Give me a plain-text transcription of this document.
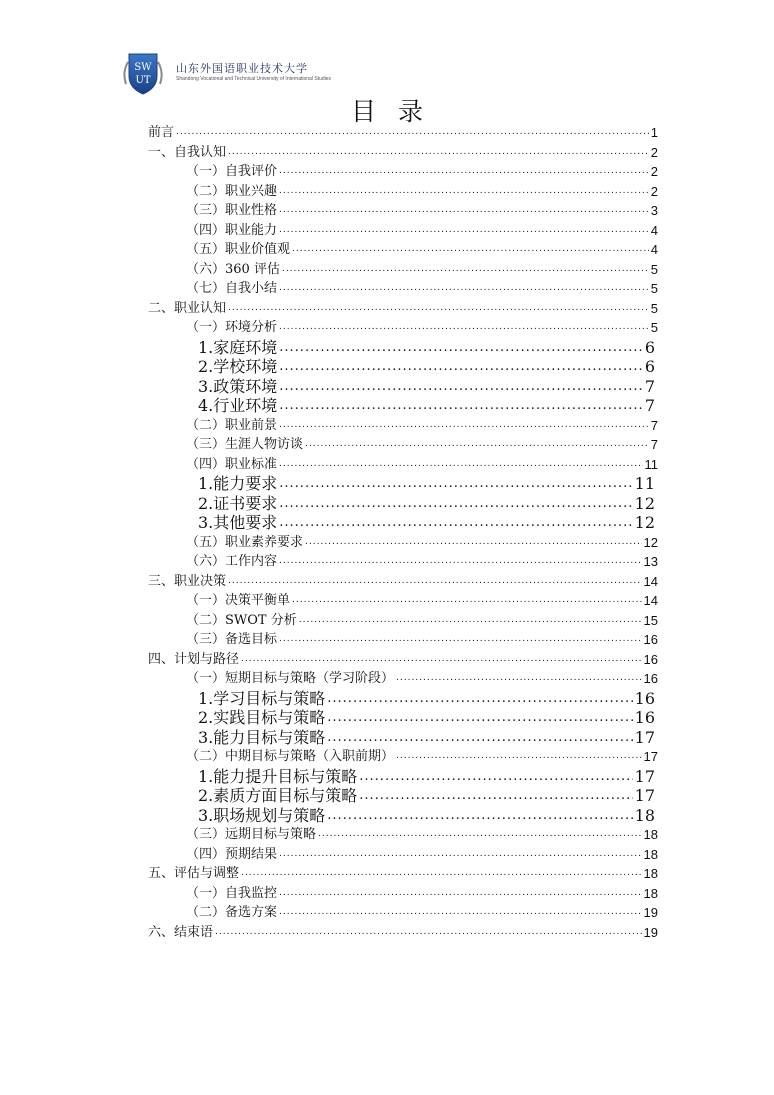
SW
UT
山东外国语职业技术大学
Shandong Vocational and Technical University of International Studies
目录
前言 .....	1
一、自我认知 .....	2
（一）自我评价 .....	2
（二）职业兴趣 .....	2
（三）职业性格 .....	3
（四）职业能力 .....	4
（五）职业价值观 .....	4
（六）360 评估 .....	5
（七）自我小结 .....	5
二、职业认知 .....	5
（一）环境分析 .....	5
1.家庭环境 .....	6
2.学校环境 .....	6
3.政策环境 .....	7
4.行业环境 .....	7
（二）职业前景 .....	7
（三）生涯人物访谈 .....	7
（四）职业标准 .....	11
1.能力要求 .....	11
2.证书要求 .....	12
3.其他要求 .....	12
（五）职业素养要求 .....	12
（六）工作内容 .....	13
三、职业决策 .....	14
（一）决策平衡单 .....	14
（二）SWOT 分析 .....	15
（三）备选目标 .....	16
四、计划与路径 .....	16
（一）短期目标与策略（学习阶段） .....	16
1.学习目标与策略 .....	16
2.实践目标与策略 .....	16
3.能力目标与策略 .....	17
（二）中期目标与策略（入职前期） .....	17
1.能力提升目标与策略 .....	17
2.素质方面目标与策略 .....	17
3.职场规划与策略 .....	18
（三）远期目标与策略 .....	18
（四）预期结果 .....	18
五、评估与调整 .....	18
（一）自我监控 .....	18
（二）备选方案 .....	19
六、结束语 .....	19
